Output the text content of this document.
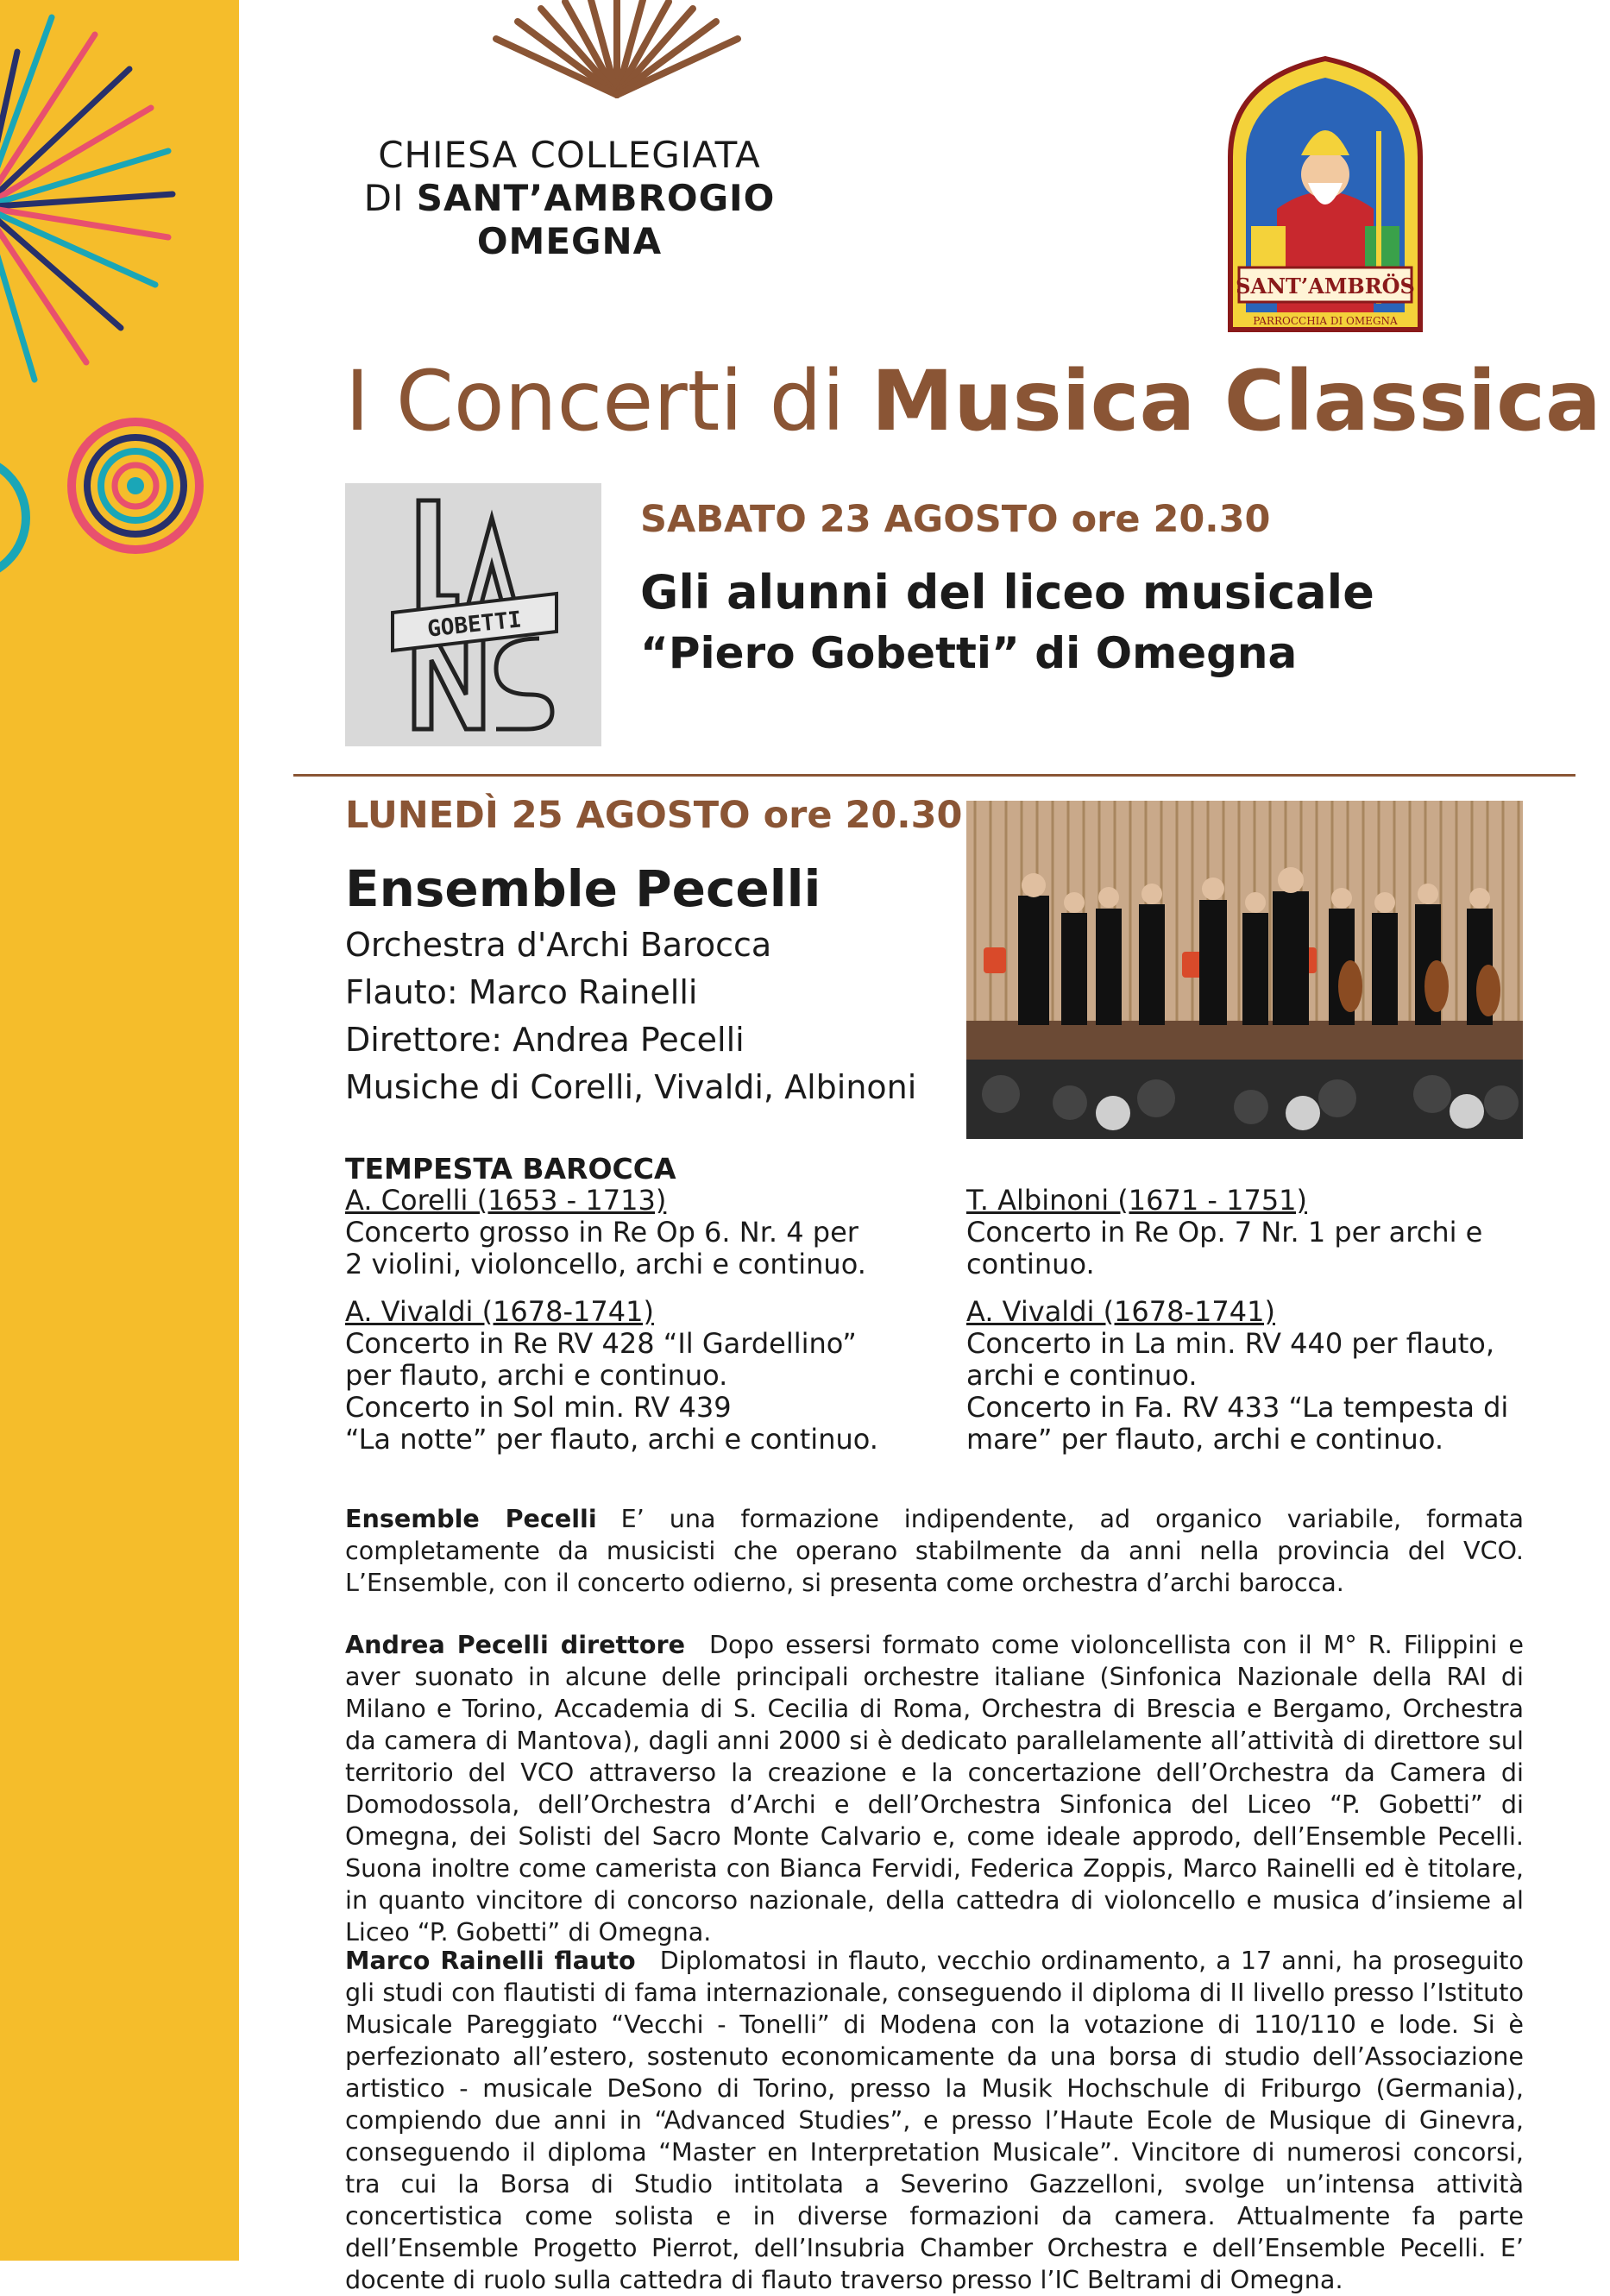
CHIESA COLLEGIATA
DI SANT’AMBROGIO
OMEGNA
SANT’AMBRÖS
PARROCCHIA DI OMEGNA
I Concerti di Musica Classica
GOBETTI
SABATO 23 AGOSTO ore 20.30
Gli alunni del liceo musicale
“Piero Gobetti” di Omegna
LUNEDÌ 25 AGOSTO ore 20.30
Ensemble Pecelli
Orchestra d'Archi Barocca
Flauto: Marco Rainelli
Direttore: Andrea Pecelli
Musiche di Corelli, Vivaldi, Albinoni
TEMPESTA BAROCCA
A. Corelli (1653 - 1713)
Concerto grosso in Re Op 6. Nr. 4 per
2 violini, violoncello, archi e continuo.
A. Vivaldi (1678-1741)
Concerto in Re RV 428 “Il Gardellino”
per flauto, archi e continuo.
Concerto in Sol min. RV 439
“La notte” per flauto, archi e continuo.
T. Albinoni (1671 - 1751)
Concerto in Re Op. 7 Nr. 1 per archi e
continuo.
A. Vivaldi (1678-1741)
Concerto in La min. RV 440 per flauto,
archi e continuo.
Concerto in Fa. RV 433 “La tempesta di
mare” per flauto, archi e continuo.
Ensemble Pecelli E’ una formazione indipendente, ad organico variabile, formata completamente da musicisti che operano stabilmente da anni nella provincia del VCO. L’Ensemble, con il concerto odierno, si presenta come orchestra d’archi barocca.
Andrea Pecelli direttore Dopo essersi formato come violoncellista con il M° R. Filippini e aver suonato in alcune delle principali orchestre italiane (Sinfonica Nazionale della RAI di Milano e Torino, Accademia di S. Cecilia di Roma, Orchestra di Brescia e Bergamo, Orchestra da camera di Mantova), dagli anni 2000 si è dedicato parallelamente all’attività di direttore sul territorio del VCO attraverso la creazione e la concertazione dell’Orchestra da Camera di Domodossola, dell’Orchestra d’Archi e dell’Orchestra Sinfonica del Liceo “P. Gobetti” di Omegna, dei Solisti del Sacro Monte Calvario e, come ideale approdo, dell’Ensemble Pecelli. Suona inoltre come camerista con Bianca Fervidi, Federica Zoppis, Marco Rainelli ed è titolare, in quanto vincitore di concorso nazionale, della cattedra di violoncello e musica d’insieme al Liceo “P. Gobetti” di Omegna.
Marco Rainelli flauto Diplomatosi in flauto, vecchio ordinamento, a 17 anni, ha proseguito gli studi con flautisti di fama internazionale, conseguendo il diploma di II livello presso l’Istituto Musicale Pareggiato “Vecchi - Tonelli” di Modena con la votazione di 110/110 e lode. Si è perfezionato all’estero, sostenuto economicamente da una borsa di studio dell’Associazione artistico - musicale DeSono di Torino, presso la Musik Hochschule di Friburgo (Germania), compiendo due anni in “Advanced Studies”, e presso l’Haute Ecole de Musique di Ginevra, conseguendo il diploma “Master en Interpretation Musicale”. Vincitore di numerosi concorsi, tra cui la Borsa di Studio intitolata a Severino Gazzelloni, svolge un’intensa attività concertistica come solista e in diverse formazioni da camera. Attualmente fa parte dell’Ensemble Progetto Pierrot, dell’Insubria Chamber Orchestra e dell’Ensemble Pecelli. E’ docente di ruolo sulla cattedra di flauto traverso presso l’IC Beltrami di Omegna.
